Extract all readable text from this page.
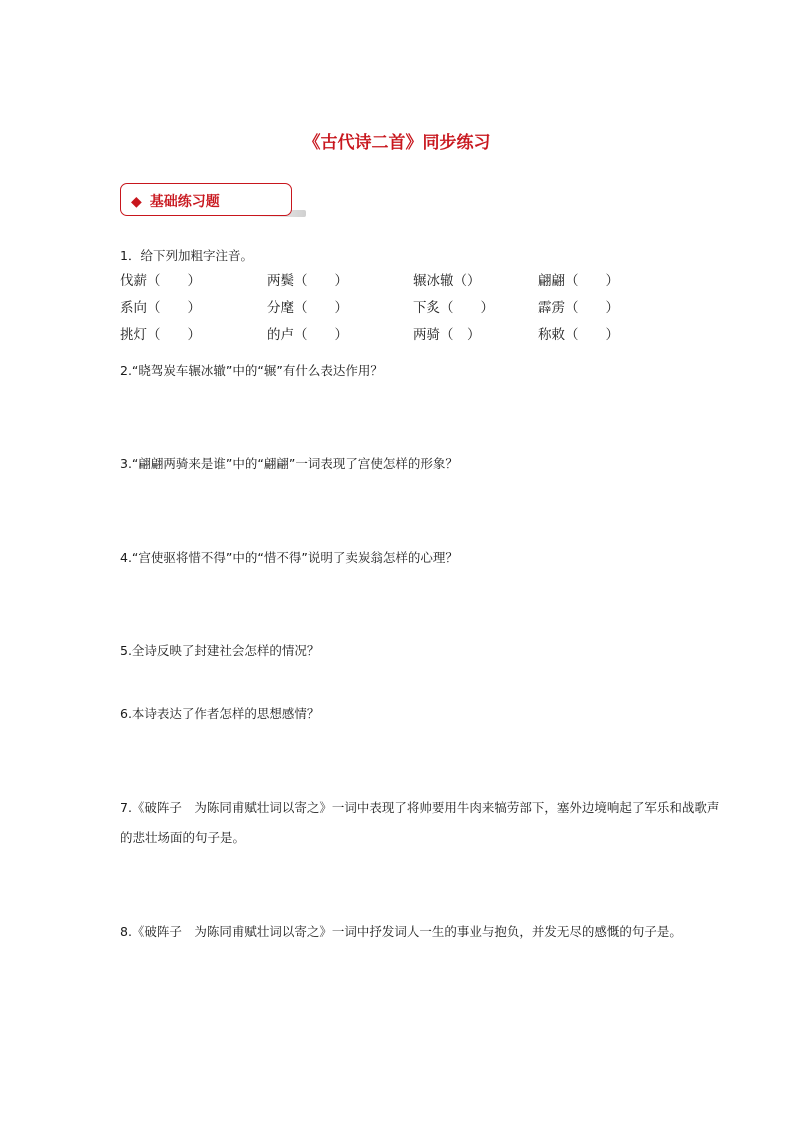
《古代诗二首》同步练习
◆ 基础练习题
1．给下列加粗字注音。
伐薪（　　）	两鬓（　　）	辗冰辙（）	翩翩（　　）
系向（　　）	分麾（　　）	下炙（　　）	霹雳（　　）
挑灯（　　）	的卢（　　）	两骑（　）	称敕（　　）
2.“晓驾炭车辗冰辙”中的“辗”有什么表达作用？
3.“翩翩两骑来是谁”中的“翩翩”一词表现了宫使怎样的形象？
4.“宫使驱将惜不得”中的“惜不得”说明了卖炭翁怎样的心理？
5.全诗反映了封建社会怎样的情况？
6.本诗表达了作者怎样的思想感情？
7.《破阵子　为陈同甫赋壮词以寄之》一词中表现了将帅要用牛肉来犒劳部下，塞外边境响起了军乐和战歌声的悲壮场面的句子是。
8.《破阵子　为陈同甫赋壮词以寄之》一词中抒发词人一生的事业与抱负，并发无尽的感慨的句子是。
